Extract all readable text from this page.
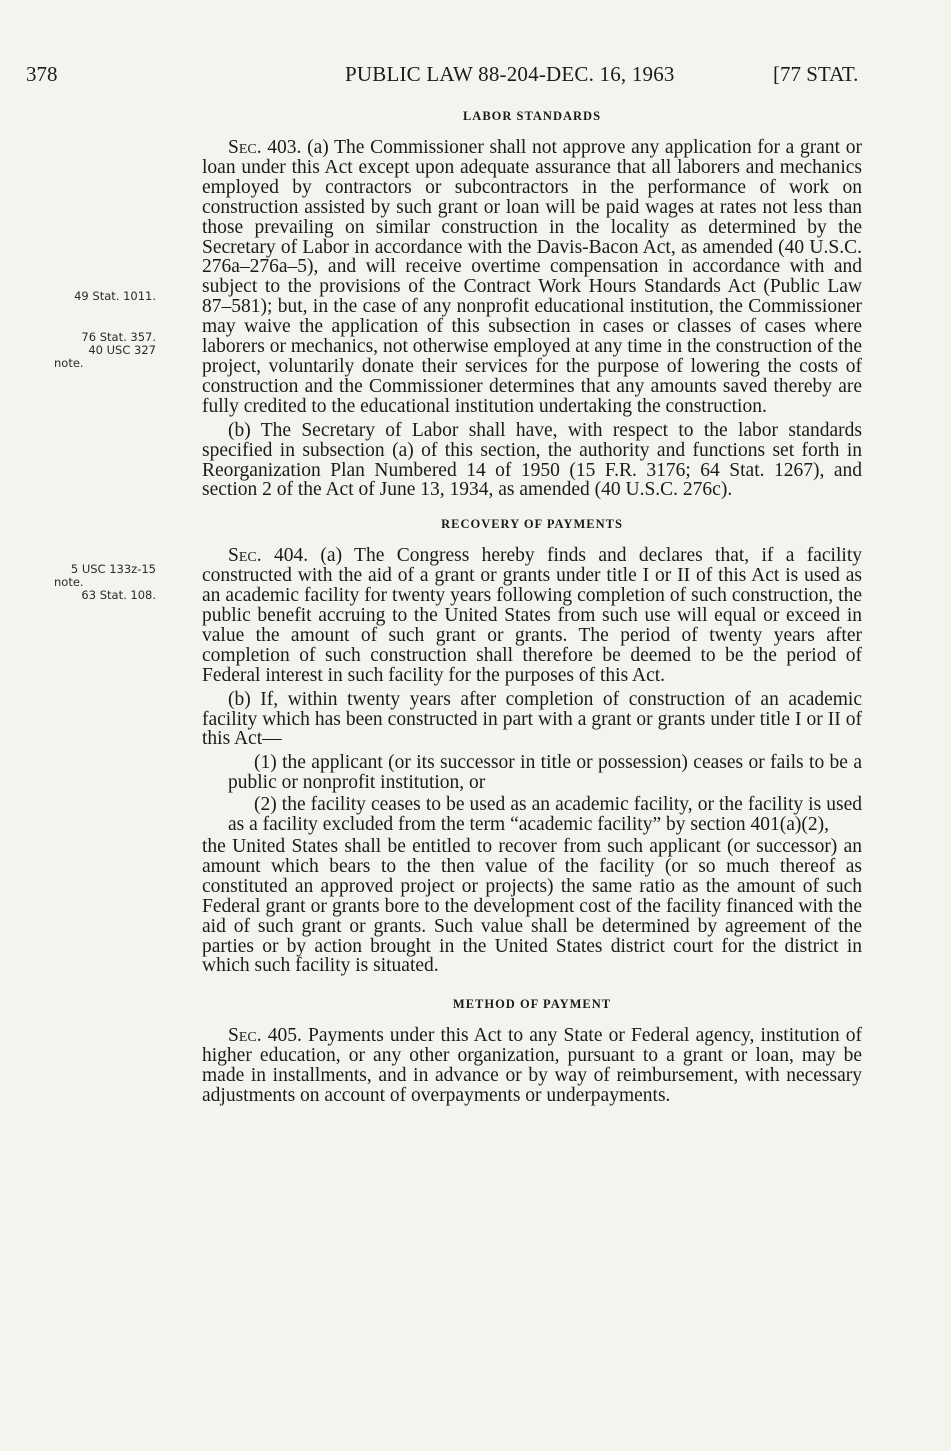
378	PUBLIC LAW 88-204-DEC. 16, 1963	[77 STAT.
49 Stat. 1011.
76 Stat. 357.
40 USC 327
note.
5 USC 133z-15
note.
63 Stat. 108.
LABOR STANDARDS

Sec. 403. (a) The Commissioner shall not approve any application for a grant or loan under this Act except upon adequate assurance that all laborers and mechanics employed by contractors or subcontractors in the performance of work on construction assisted by such grant or loan will be paid wages at rates not less than those prevailing on similar construction in the locality as determined by the Secretary of Labor in accordance with the Davis-Bacon Act, as amended (40 U.S.C. 276a–276a–5), and will receive overtime compensation in accordance with and subject to the provisions of the Contract Work Hours Standards Act (Public Law 87–581); but, in the case of any nonprofit educational institution, the Commissioner may waive the application of this subsection in cases or classes of cases where laborers or mechanics, not otherwise employed at any time in the construction of the project, voluntarily donate their services for the purpose of lowering the costs of construction and the Commissioner determines that any amounts saved thereby are fully credited to the educational institution undertaking the construction.

(b) The Secretary of Labor shall have, with respect to the labor standards specified in subsection (a) of this section, the authority and functions set forth in Reorganization Plan Numbered 14 of 1950 (15 F.R. 3176; 64 Stat. 1267), and section 2 of the Act of June 13, 1934, as amended (40 U.S.C. 276c).

RECOVERY OF PAYMENTS

Sec. 404. (a) The Congress hereby finds and declares that, if a facility constructed with the aid of a grant or grants under title I or II of this Act is used as an academic facility for twenty years following completion of such construction, the public benefit accruing to the United States from such use will equal or exceed in value the amount of such grant or grants. The period of twenty years after completion of such construction shall therefore be deemed to be the period of Federal interest in such facility for the purposes of this Act.

(b) If, within twenty years after completion of construction of an academic facility which has been constructed in part with a grant or grants under title I or II of this Act—

(1) the applicant (or its successor in title or possession) ceases or fails to be a public or nonprofit institution, or

(2) the facility ceases to be used as an academic facility, or the facility is used as a facility excluded from the term “academic facility” by section 401(a)(2),

the United States shall be entitled to recover from such applicant (or successor) an amount which bears to the then value of the facility (or so much thereof as constituted an approved project or projects) the same ratio as the amount of such Federal grant or grants bore to the development cost of the facility financed with the aid of such grant or grants. Such value shall be determined by agreement of the parties or by action brought in the United States district court for the district in which such facility is situated.

METHOD OF PAYMENT

Sec. 405. Payments under this Act to any State or Federal agency, institution of higher education, or any other organization, pursuant to a grant or loan, may be made in installments, and in advance or by way of reimbursement, with necessary adjustments on account of overpayments or underpayments.
